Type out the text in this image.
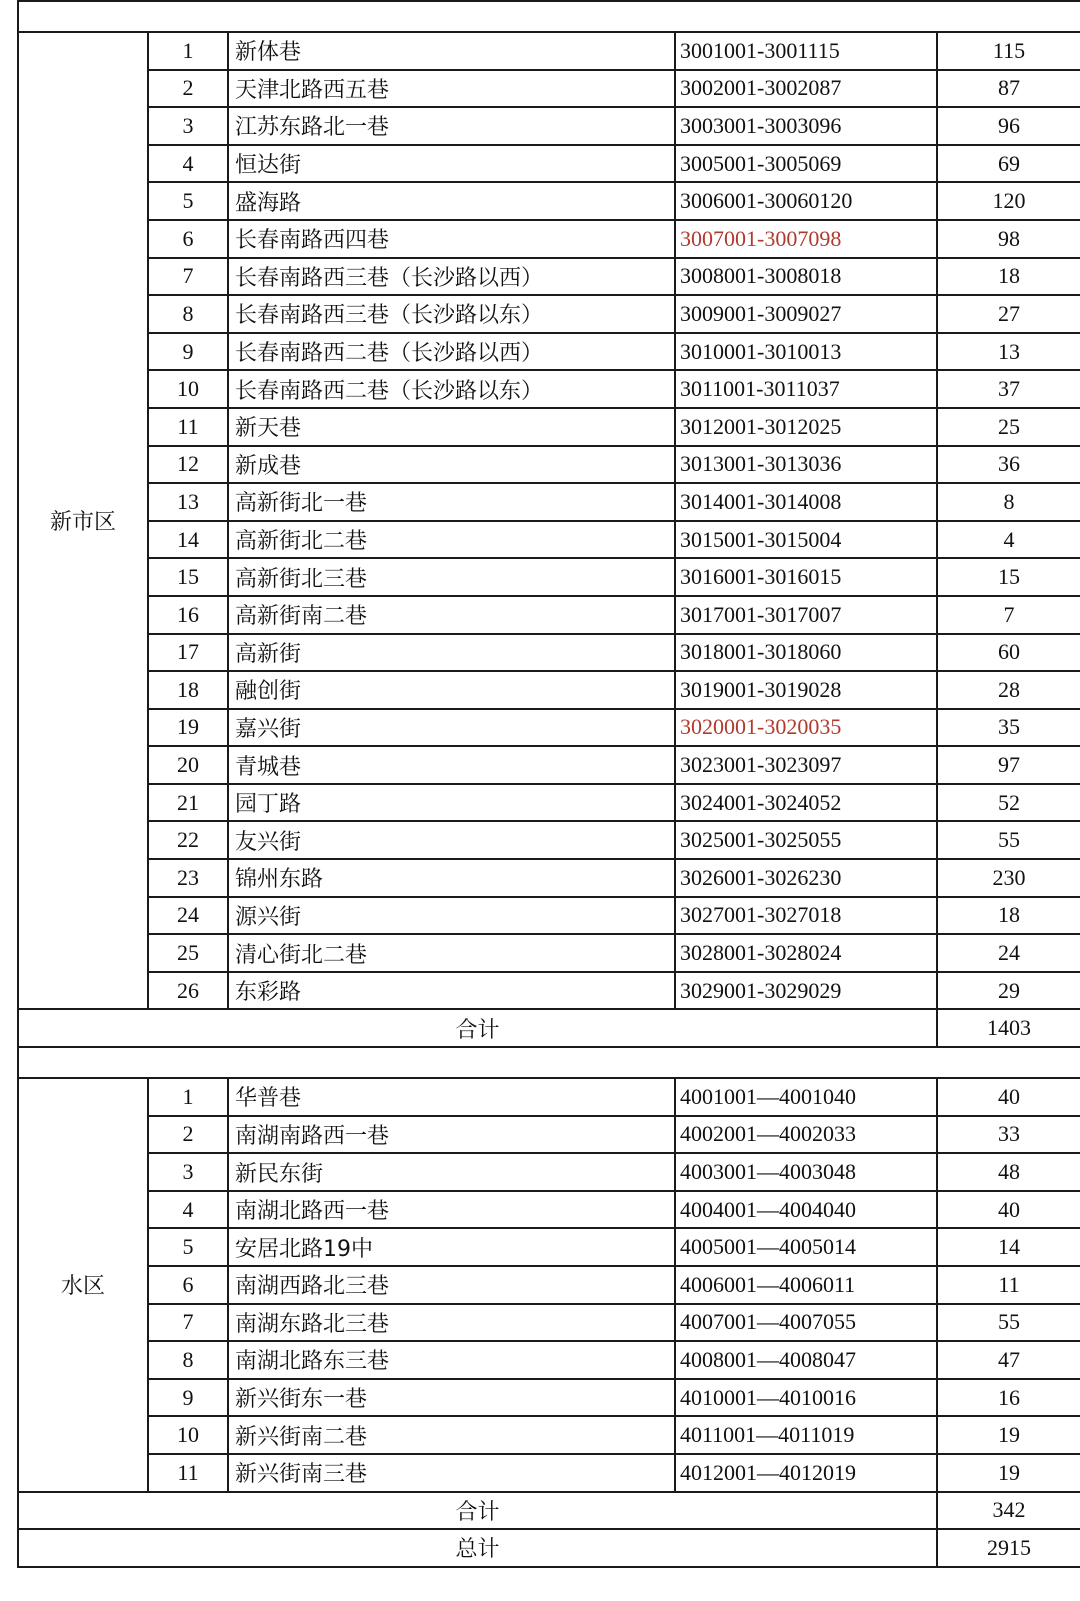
新市区	1	新体巷	3001001-3001115	115
	2	天津北路西五巷	3002001-3002087	87
	3	江苏东路北一巷	3003001-3003096	96
	4	恒达街	3005001-3005069	69
	5	盛海路	3006001-30060120	120
	6	长春南路西四巷	3007001-3007098	98
	7	长春南路西三巷（长沙路以西）	3008001-3008018	18
	8	长春南路西三巷（长沙路以东）	3009001-3009027	27
	9	长春南路西二巷（长沙路以西）	3010001-3010013	13
	10	长春南路西二巷（长沙路以东）	3011001-3011037	37
	11	新天巷	3012001-3012025	25
	12	新成巷	3013001-3013036	36
	13	高新街北一巷	3014001-3014008	8
	14	高新街北二巷	3015001-3015004	4
	15	高新街北三巷	3016001-3016015	15
	16	高新街南二巷	3017001-3017007	7
	17	高新街	3018001-3018060	60
	18	融创街	3019001-3019028	28
	19	嘉兴街	3020001-3020035	35
	20	青城巷	3023001-3023097	97
	21	园丁路	3024001-3024052	52
	22	友兴街	3025001-3025055	55
	23	锦州东路	3026001-3026230	230
	24	源兴街	3027001-3027018	18
	25	清心街北二巷	3028001-3028024	24
	26	东彩路	3029001-3029029	29
合计				1403

水区	1	华普巷	4001001—4001040	40
	2	南湖南路西一巷	4002001—4002033	33
	3	新民东街	4003001—4003048	48
	4	南湖北路西一巷	4004001—4004040	40
	5	安居北路19中	4005001—4005014	14
	6	南湖西路北三巷	4006001—4006011	11
	7	南湖东路北三巷	4007001—4007055	55
	8	南湖北路东三巷	4008001—4008047	47
	9	新兴街东一巷	4010001—4010016	16
	10	新兴街南二巷	4011001—4011019	19
	11	新兴街南三巷	4012001—4012019	19
合计				342
总计				2915
